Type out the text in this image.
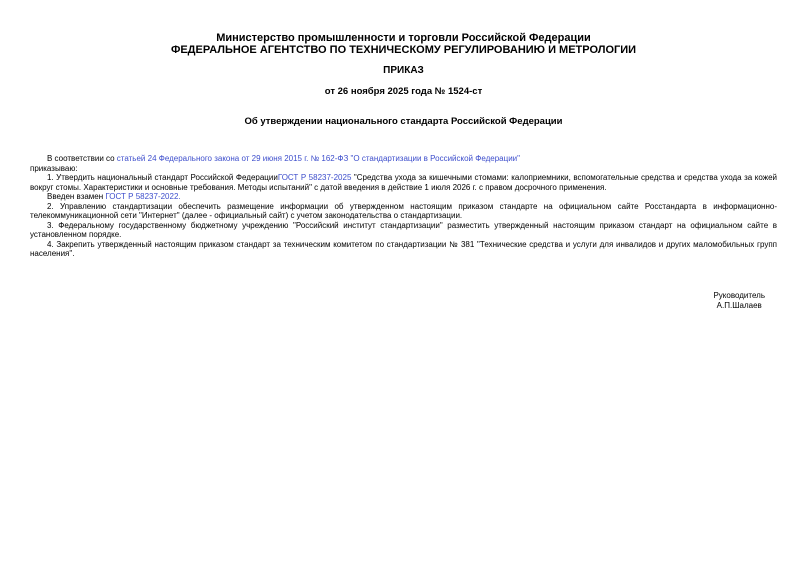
Министерство промышленности и торговли Российской Федерации
ФЕДЕРАЛЬНОЕ АГЕНТСТВО ПО ТЕХНИЧЕСКОМУ РЕГУЛИРОВАНИЮ И МЕТРОЛОГИИ
ПРИКАЗ
от 26 ноября 2025 года № 1524-ст
Об утверждении национального стандарта Российской Федерации

В соответствии со статьей 24 Федерального закона от 29 июня 2015 г. № 162-ФЗ "О стандартизации в Российской Федерации"

приказываю:

1. Утвердить национальный стандарт Российской ФедерацииГОСТ Р 58237-2025 "Средства ухода за кишечными стомами: калоприемники, вспомогательные средства и средства ухода за кожей вокруг стомы. Характеристики и основные требования. Методы испытаний" с датой введения в действие 1 июля 2026 г. с правом досрочного применения.

Введен взамен ГОСТ Р 58237-2022.

2. Управлению стандартизации обеспечить размещение информации об утвержденном настоящим приказом стандарте на официальном сайте Росстандарта в информационно-телекоммуникационной сети "Интернет" (далее - официальный сайт) с учетом законодательства о стандартизации.

3. Федеральному государственному бюджетному учреждению "Российский институт стандартизации" разместить утвержденный настоящим приказом стандарт на официальном сайте в установленном порядке.

4. Закрепить утвержденный настоящим приказом стандарт за техническим комитетом по стандартизации № 381 "Технические средства и услуги для инвалидов и других маломобильных групп населения".

Руководитель
А.П.Шалаев
